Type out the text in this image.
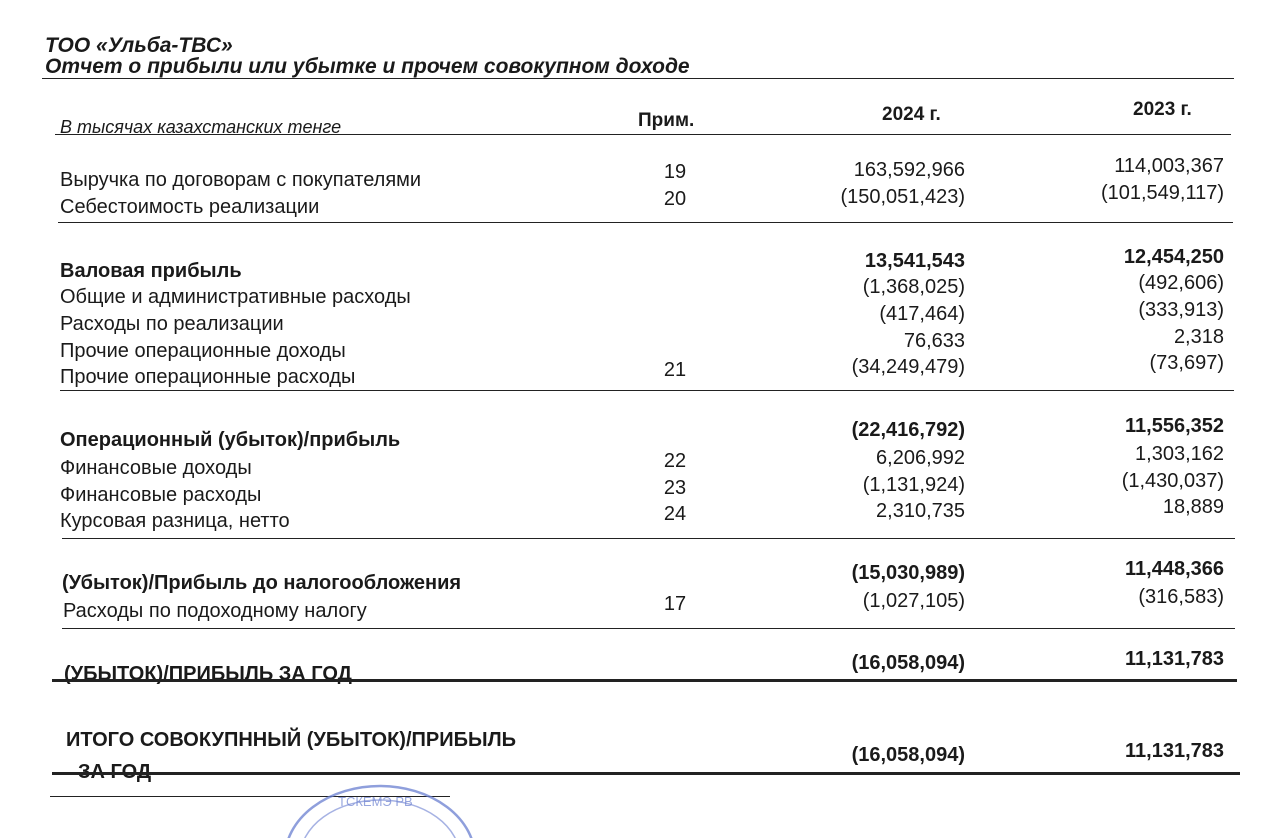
ТОО «Ульба-ТВС»
Отчет о прибыли или убытке и прочем совокупном доходе
В тысячах казахстанских тенге	Прим.	2024 г.	2023 г.
Выручка по договорам с покупателями	19	163,592,966	114,003,367
Себестоимость реализации	20	(150,051,423)	(101,549,117)
Валовая прибыль	13,541,543	12,454,250
Общие и административные расходы	(1,368,025)	(492,606)
Расходы по реализации	(417,464)	(333,913)
Прочие операционные доходы	76,633	2,318
Прочие операционные расходы	21	(34,249,479)	(73,697)
Операционный (убыток)/прибыль	(22,416,792)	11,556,352
Финансовые доходы	22	6,206,992	1,303,162
Финансовые расходы	23	(1,131,924)	(1,430,037)
Курсовая разница, нетто	24	2,310,735	18,889
(Убыток)/Прибыль до налогообложения	(15,030,989)	11,448,366
Расходы по подоходному налогу	17	(1,027,105)	(316,583)
(УБЫТОК)/ПРИБЫЛЬ ЗА ГОД	(16,058,094)	11,131,783
ИТОГО СОВОКУПННЫЙ (УБЫТОК)/ПРИБЫЛЬ
ЗА ГОД
(16,058,094)	11,131,783
ТСКЕМЭ РВ
